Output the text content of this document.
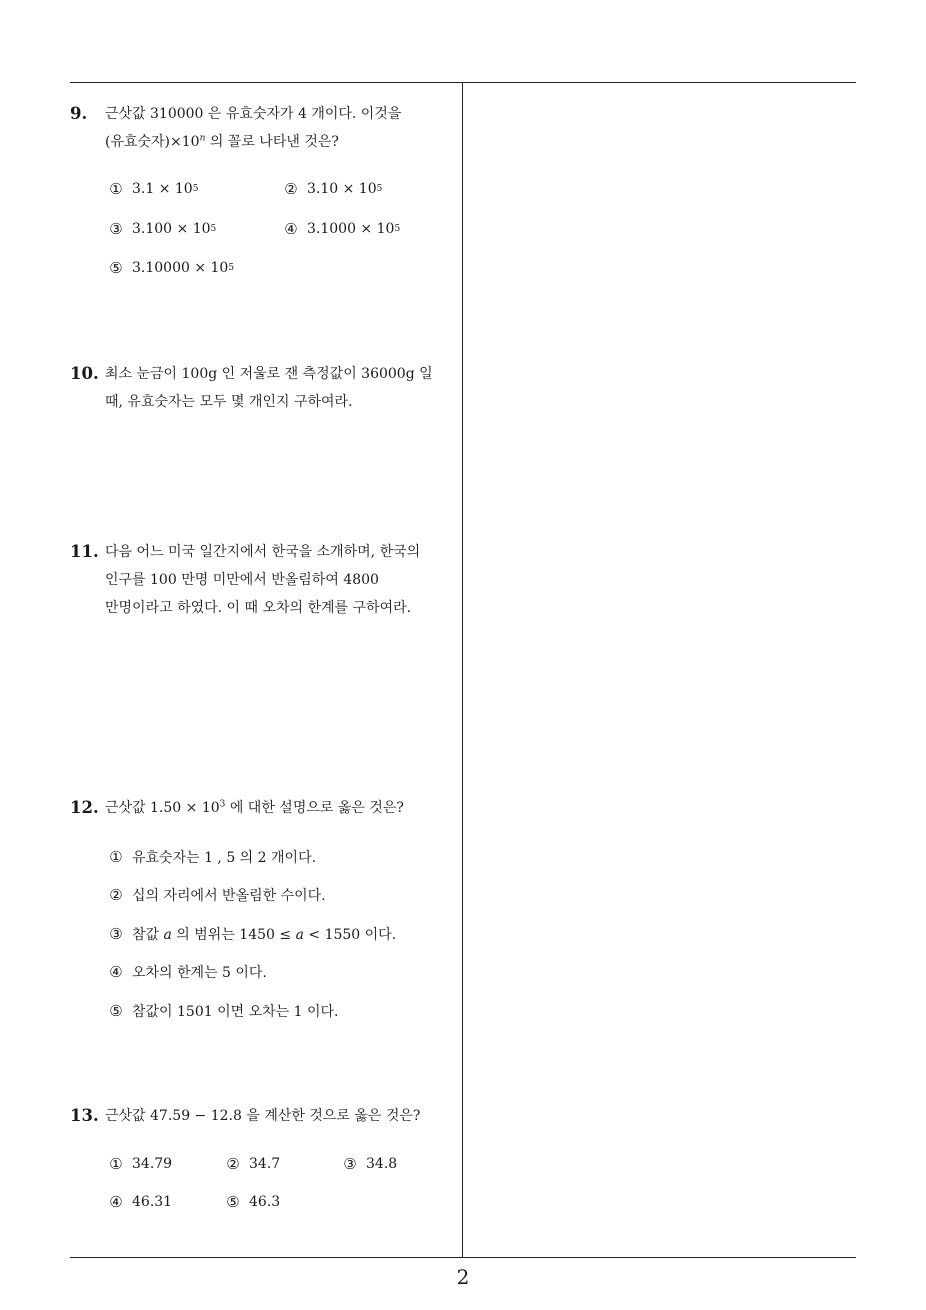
9.	근삿값 310000 은 유효숫자가 4 개이다. 이것을
(유효숫자)$\times 10^n$ 의 꼴로 나타낸 것은?
① 3.1 × 10 5	② 3.10 × 10 5
③ 3.100 × 10 5	④ 3.1000 × 10 5
⑤ 3.10000 × 10 5
10. 최소 눈금이 100g 인 저울로 잰 측정값이 36000g 일
때, 유효숫자는 모두 몇 개인지 구하여라.
11. 다음 어느 미국 일간지에서 한국을 소개하며, 한국의
인구를 100 만명 미만에서 반올림하여 4800
만명이라고 하였다. 이 때 오차의 한계를 구하여라.
12. 근삿값 $1.50 \times 10^3$ 에 대한 설명으로 옳은 것은?
① 유효숫자는 1 , 5 의 2 개이다.
② 십의 자리에서 반올림한 수이다.
③ 참값 a 의 범위는 1450 ≤ a < 1550 이다.
④ 오차의 한계는 5 이다.
⑤ 참값이 1501 이면 오차는 1 이다.
13. 근삿값 47.59 − 12.8 을 계산한 것으로 옳은 것은?
① 34.79	② 34.7	③ 34.8
④ 46.31	⑤ 46.3
2
